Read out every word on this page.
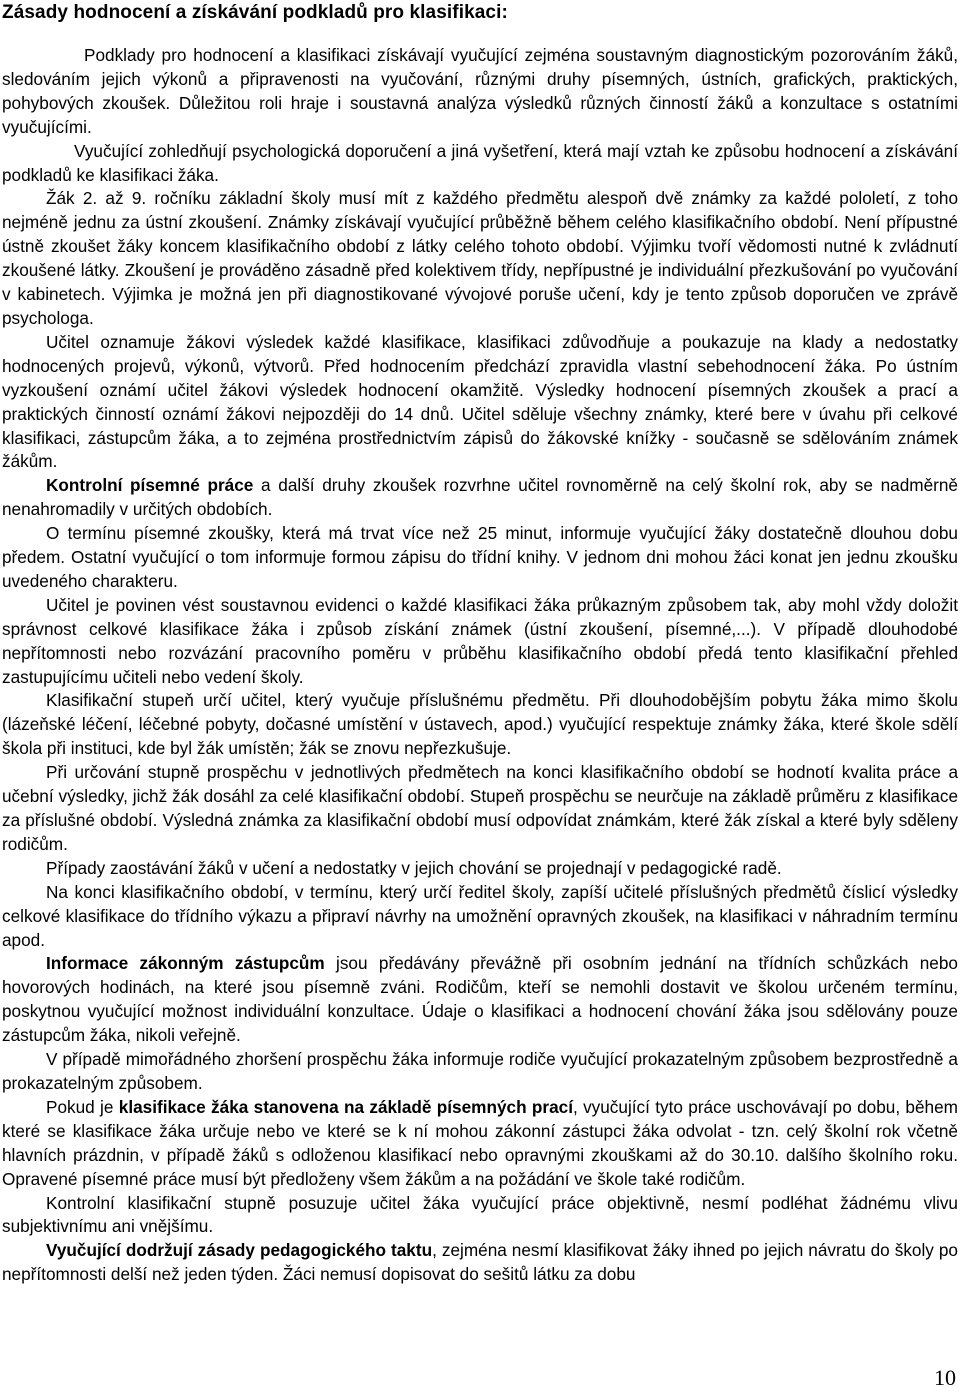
Zásady hodnocení a získávání podkladů pro klasifikaci:

Podklady pro hodnocení a klasifikaci získávají vyučující zejména soustavným diagnostickým pozorováním žáků, sledováním jejich výkonů a připravenosti na vyučování, různými druhy písemných, ústních, grafických, praktických, pohybových zkoušek. Důležitou roli hraje i soustavná analýza výsledků různých činností žáků a konzultace s ostatními vyučujícími.

Vyučující zohledňují psychologická doporučení a jiná vyšetření, která mají vztah ke způsobu hodnocení a získávání podkladů ke klasifikaci žáka.

Žák 2. až 9. ročníku základní školy musí mít z každého předmětu alespoň dvě známky za každé pololetí, z toho nejméně jednu za ústní zkoušení. Známky získávají vyučující průběžně během celého klasifikačního období. Není přípustné ústně zkoušet žáky koncem klasifikačního období z látky celého tohoto období. Výjimku tvoří vědomosti nutné k zvládnutí zkoušené látky. Zkoušení je prováděno zásadně před kolektivem třídy, nepřípustné je individuální přezkušování po vyučování v kabinetech. Výjimka je možná jen při diagnostikované vývojové poruše učení, kdy je tento způsob doporučen ve zprávě psychologa.

Učitel oznamuje žákovi výsledek každé klasifikace, klasifikaci zdůvodňuje a poukazuje na klady a nedostatky hodnocených projevů, výkonů, výtvorů. Před hodnocením předchází zpravidla vlastní sebehodnocení žáka. Po ústním vyzkoušení oznámí učitel žákovi výsledek hodnocení okamžitě. Výsledky hodnocení písemných zkoušek a prací a praktických činností oznámí žákovi nejpozději do 14 dnů. Učitel sděluje všechny známky, které bere v úvahu při celkové klasifikaci, zástupcům žáka, a to zejména prostřednictvím zápisů do žákovské knížky - současně se sdělováním známek žákům.

Kontrolní písemné práce a další druhy zkoušek rozvrhne učitel rovnoměrně na celý školní rok, aby se nadměrně nenahromadily v určitých obdobích.

O termínu písemné zkoušky, která má trvat více než 25 minut, informuje vyučující žáky dostatečně dlouhou dobu předem. Ostatní vyučující o tom informuje formou zápisu do třídní knihy. V jednom dni mohou žáci konat jen jednu zkoušku uvedeného charakteru.

Učitel je povinen vést soustavnou evidenci o každé klasifikaci žáka průkazným způsobem tak, aby mohl vždy doložit správnost celkové klasifikace žáka i způsob získání známek (ústní zkoušení, písemné,...). V případě dlouhodobé nepřítomnosti nebo rozvázání pracovního poměru v průběhu klasifikačního období předá tento klasifikační přehled zastupujícímu učiteli nebo vedení školy.

Klasifikační stupeň určí učitel, který vyučuje příslušnému předmětu. Při dlouhodobějším pobytu žáka mimo školu (lázeňské léčení, léčebné pobyty, dočasné umístění v ústavech, apod.) vyučující respektuje známky žáka, které škole sdělí škola při instituci, kde byl žák umístěn; žák se znovu nepřezkušuje.

Při určování stupně prospěchu v jednotlivých předmětech na konci klasifikačního období se hodnotí kvalita práce a učební výsledky, jichž žák dosáhl za celé klasifikační období. Stupeň prospěchu se neurčuje na základě průměru z klasifikace za příslušné období. Výsledná známka za klasifikační období musí odpovídat známkám, které žák získal a které byly sděleny rodičům.

Případy zaostávání žáků v učení a nedostatky v jejich chování se projednají v pedagogické radě.

Na konci klasifikačního období, v termínu, který určí ředitel školy, zapíší učitelé příslušných předmětů číslicí výsledky celkové klasifikace do třídního výkazu a připraví návrhy na umožnění opravných zkoušek, na klasifikaci v náhradním termínu apod.

Informace zákonným zástupcům jsou předávány převážně při osobním jednání na třídních schůzkách nebo hovorových hodinách, na které jsou písemně zváni. Rodičům, kteří se nemohli dostavit ve školou určeném termínu, poskytnou vyučující možnost individuální konzultace. Údaje o klasifikaci a hodnocení chování žáka jsou sdělovány pouze zástupcům žáka, nikoli veřejně.

V případě mimořádného zhoršení prospěchu žáka informuje rodiče vyučující prokazatelným způsobem bezprostředně a prokazatelným způsobem.

Pokud je klasifikace žáka stanovena na základě písemných prací, vyučující tyto práce uschovávají po dobu, během které se klasifikace žáka určuje nebo ve které se k ní mohou zákonní zástupci žáka odvolat - tzn. celý školní rok včetně hlavních prázdnin, v případě žáků s odloženou klasifikací nebo opravnými zkouškami až do 30.10. dalšího školního roku. Opravené písemné práce musí být předloženy všem žákům a na požádání ve škole také rodičům.

Kontrolní klasifikační stupně posuzuje učitel žáka vyučující práce objektivně, nesmí podléhat žádnému vlivu subjektivnímu ani vnějšímu.

Vyučující dodržují zásady pedagogického taktu, zejména nesmí klasifikovat žáky ihned po jejich návratu do školy po nepřítomnosti delší než jeden týden. Žáci nemusí dopisovat do sešitů látku za dobu

10
